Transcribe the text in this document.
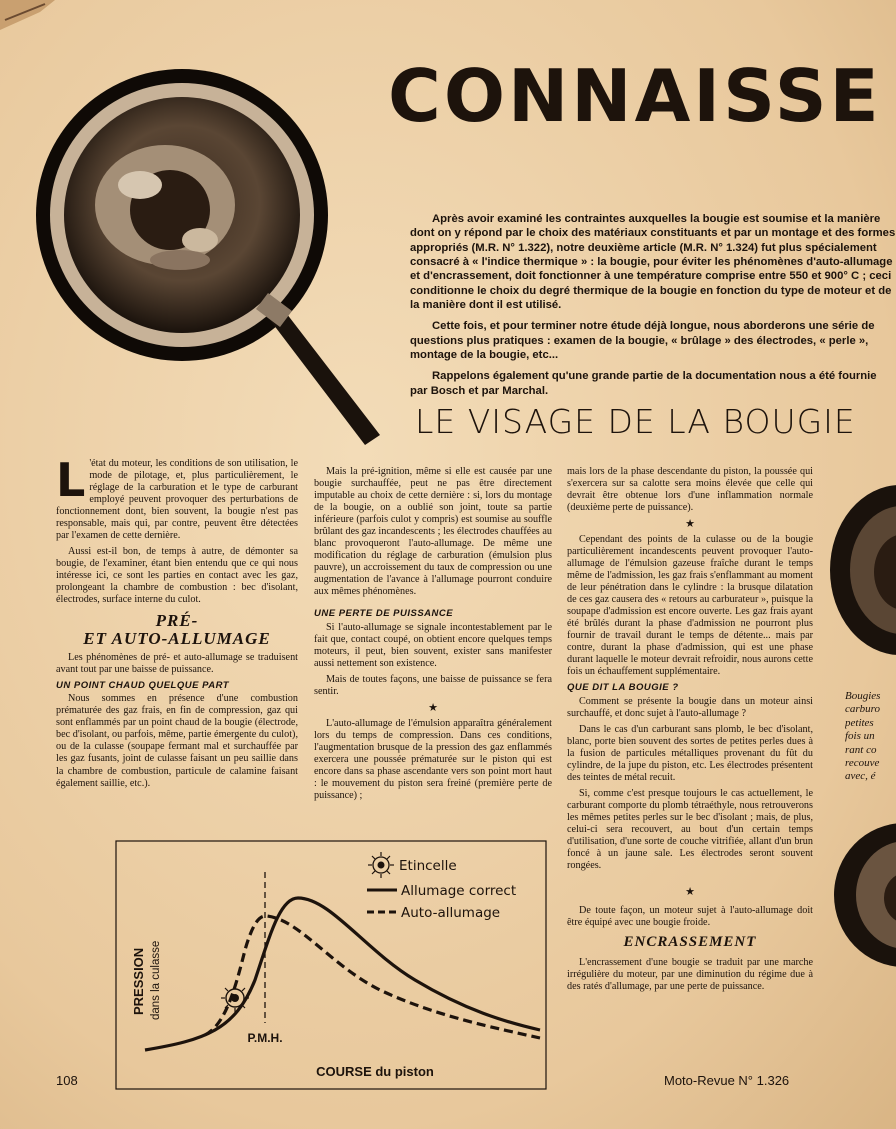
CONNAISSE

Après avoir examiné les contraintes auxquelles la bougie est soumise et la manière dont on y répond par le choix des matériaux constituants et par un montage et des formes appropriés (M.R. N° 1.322), notre deuxième article (M.R. N° 1.324) fut plus spécialement consacré à « l'indice thermique » : la bougie, pour éviter les phénomènes d'auto-allumage et d'encrassement, doit fonctionner à une température comprise entre 550 et 900° C ; ceci conditionne le choix du degré thermique de la bougie en fonction du type de moteur et de la manière dont il est utilisé.

Cette fois, et pour terminer notre étude déjà longue, nous aborderons une série de questions plus pratiques : examen de la bougie, « brûlage » des électrodes, « perle », montage de la bougie, etc...

Rappelons également qu'une grande partie de la documentation nous a été fournie par Bosch et par Marchal.

LE VISAGE DE LA BOUGIE

L 'état du moteur, les conditions de son utilisation, le mode de pilotage, et, plus particulièrement, le réglage de la carburation et le type de carburant employé peuvent provoquer des perturbations de fonctionnement dont, bien souvent, la bougie n'est pas responsable, mais qui, par contre, peuvent être détectées par l'examen de cette dernière.

Aussi est-il bon, de temps à autre, de démonter sa bougie, de l'examiner, étant bien entendu que ce qui nous intéresse ici, ce sont les parties en contact avec les gaz, prolongeant la chambre de combustion : bec d'isolant, électrodes, surface interne du culot.

PRÉ-
ET AUTO-ALLUMAGE

Les phénomènes de pré- et auto-allumage se traduisent avant tout par une baisse de puissance.

UN POINT CHAUD QUELQUE PART

Nous sommes en présence d'une combustion prématurée des gaz frais, en fin de compression, gaz qui sont enflammés par un point chaud de la bougie (électrode, bec d'isolant, ou parfois, même, partie émergente du culot), ou de la culasse (soupape fermant mal et surchauffée par les gaz fusants, joint de culasse faisant un peu saillie dans la chambre de combustion, particule de calamine faisant également saillie, etc.).

Mais la pré-ignition, même si elle est causée par une bougie surchauffée, peut ne pas être directement imputable au choix de cette dernière : si, lors du montage de la bougie, on a oublié son joint, toute sa partie inférieure (parfois culot y compris) est soumise au souffle brûlant des gaz incandescents ; les électrodes chauffées au blanc provoqueront l'auto-allumage. De même une modification du réglage de carburation (émulsion plus pauvre), un accroissement du taux de compression ou une augmentation de l'avance à l'allumage pourront conduire aux mêmes phénomènes.

UNE PERTE DE PUISSANCE

Si l'auto-allumage se signale incontestablement par le fait que, contact coupé, on obtient encore quelques temps moteurs, il peut, bien souvent, exister sans manifester aussi nettement son existence.

Mais de toutes façons, une baisse de puissance se fera sentir.

★

L'auto-allumage de l'émulsion apparaîtra généralement lors du temps de compression. Dans ces conditions, l'augmentation brusque de la pression des gaz enflammés exercera une poussée prématurée sur le piston qui est encore dans sa phase ascendante vers son point mort haut : le mouvement du piston sera freiné (première perte de puissance) ;

mais lors de la phase descendante du piston, la poussée qui s'exercera sur sa calotte sera moins élevée que celle qui devrait être obtenue lors d'une inflammation normale (deuxième perte de puissance).

★

Cependant des points de la culasse ou de la bougie particulièrement incandescents peuvent provoquer l'auto-allumage de l'émulsion gazeuse fraîche durant le temps même de l'admission, les gaz frais s'enflammant au moment de leur pénétration dans le cylindre : la brusque dilatation de ces gaz causera des « retours au carburateur », puisque la soupape d'admission est encore ouverte. Les gaz frais ayant été brûlés durant la phase d'admission ne pourront plus fournir de travail durant le temps de détente... mais par contre, durant la phase d'admission, qui est une phase durant laquelle le moteur devrait refroidir, nous aurons cette fois un échauffement supplémentaire.

QUE DIT LA BOUGIE ?

Comment se présente la bougie dans un moteur ainsi surchauffé, et donc sujet à l'auto-allumage ?

Dans le cas d'un carburant sans plomb, le bec d'isolant, blanc, porte bien souvent des sortes de petites perles dues à la fusion de particules métalliques provenant du fût du cylindre, de la jupe du piston, etc. Les électrodes présentent des teintes de métal recuit.

Si, comme c'est presque toujours le cas actuellement, le carburant comporte du plomb tétraéthyle, nous retrouverons les mêmes petites perles sur le bec d'isolant ; mais, de plus, celui-ci sera recouvert, au bout d'un certain temps d'utilisation, d'une sorte de couche vitrifiée, allant d'un brun foncé à un jaune sale. Les électrodes seront souvent rongées.

★

De toute façon, un moteur sujet à l'auto-allumage doit être équipé avec une bougie froide.

ENCRASSEMENT

L'encrassement d'une bougie se traduit par une marche irrégulière du moteur, par une diminution du régime due à des ratés d'allumage, par une perte de puissance.

Bougies
carburo
petites
fois un
rant co
recouve
avec, é
Etincelle
Allumage correct
Auto-allumage
PRESSION dans la culasse
P.M.H.
COURSE du piston
108	Moto-Revue N° 1.326
